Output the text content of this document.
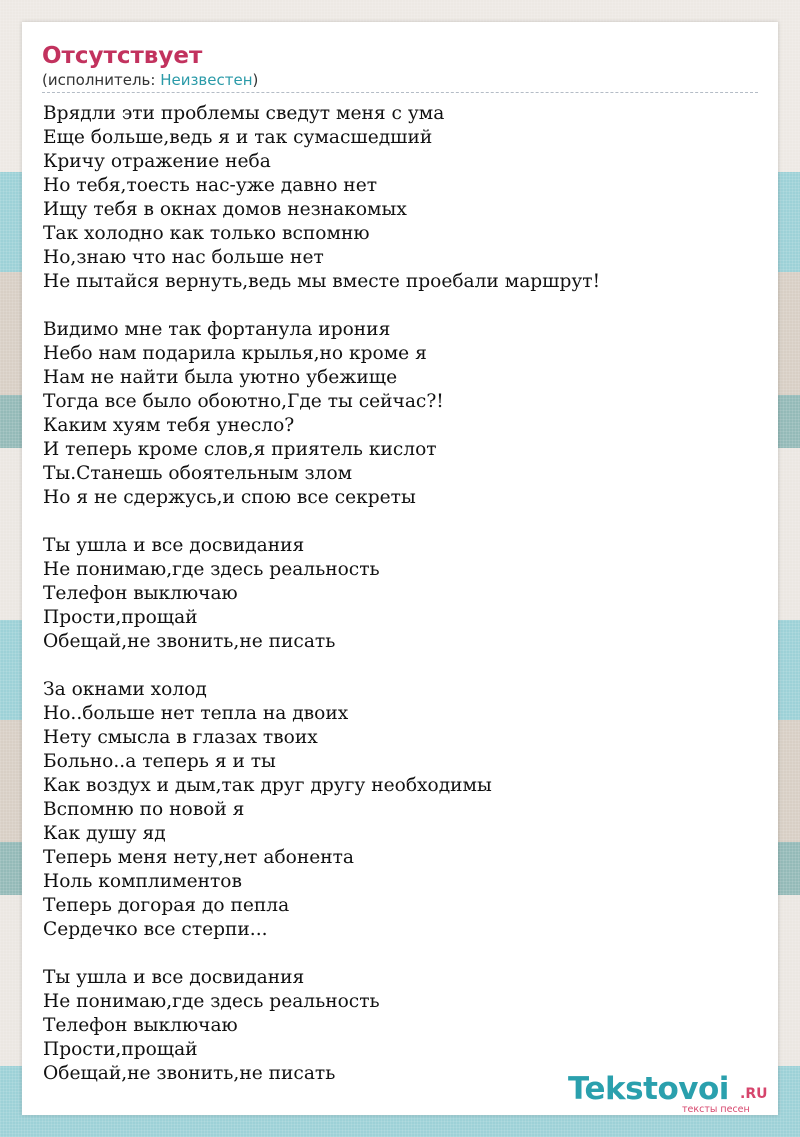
Отсутствует
(исполнитель: Неизвестен)
Врядли эти проблемы сведут меня с ума
Еще больше,ведь я и так сумасшедший
Кричу отражение неба
Но тебя,тоесть нас-уже давно нет
Ищу тебя в окнах домов незнакомых
Так холодно как только вспомню
Но,знаю что нас больше нет
Не пытайся вернуть,ведь мы вместе проебали маршрут!
Видимо мне так фортанула ирония
Небо нам подарила крылья,но кроме я
Нам не найти была уютно убежище
Тогда все было обоютно,Где ты сейчас?!
Каким хуям тебя унесло?
И теперь кроме слов,я приятель кислот
Ты.Станешь обоятельным злом
Но я не сдержусь,и спою все секреты
Ты ушла и все досвидания
Не понимаю,где здесь реальность
Телефон выключаю
Прости,прощай
Обещай,не звонить,не писать
За окнами холод
Но..больше нет тепла на двоих
Нету смысла в глазах твоих
Больно..а теперь я и ты
Как воздух и дым,так друг другу необходимы
Вспомню по новой я
Как душу яд
Теперь меня нету,нет абонента
Ноль комплиментов
Теперь догорая до пепла
Сердечко все стерпи...
Ты ушла и все досвидания
Не понимаю,где здесь реальность
Телефон выключаю
Прости,прощай
Обещай,не звонить,не писать	Tekstovoi .RU
тексты песен
